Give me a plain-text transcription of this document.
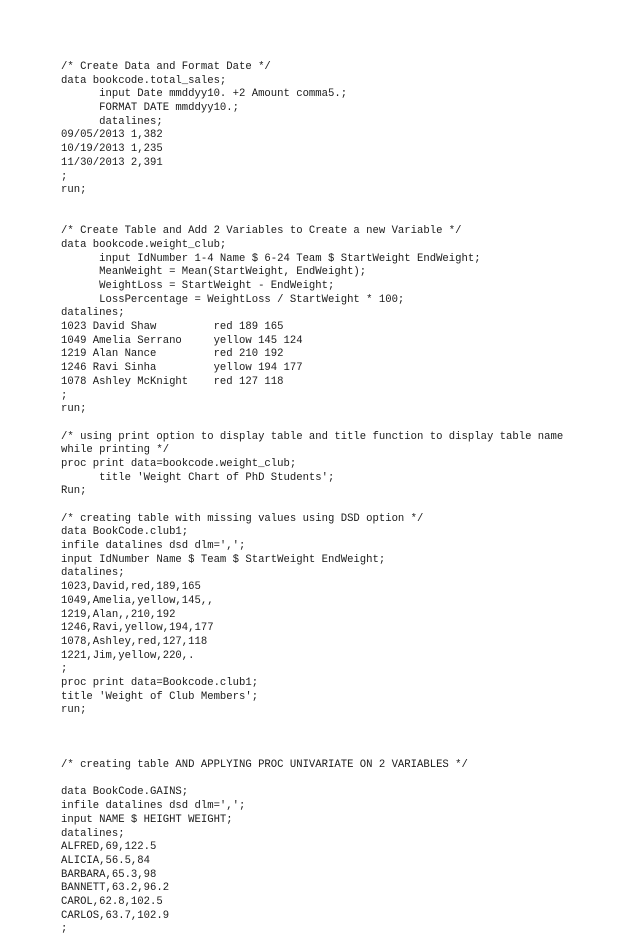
/* Create Data and Format Date */
data bookcode.total_sales;
input Date mmddyy10. +2 Amount comma5.;
FORMAT DATE mmddyy10.;
datalines;
09/05/2013 1,382
10/19/2013 1,235
11/30/2013 2,391
;
run;
/* Create Table and Add 2 Variables to Create a new Variable */
data bookcode.weight_club;
input IdNumber 1-4 Name $ 6-24 Team $ StartWeight EndWeight;
MeanWeight = Mean(StartWeight, EndWeight);
WeightLoss = StartWeight - EndWeight;
LossPercentage = WeightLoss / StartWeight * 100;
datalines;
1023 David Shaw         red 189 165
1049 Amelia Serrano     yellow 145 124
1219 Alan Nance         red 210 192
1246 Ravi Sinha         yellow 194 177
1078 Ashley McKnight    red 127 118
;
run;
/* using print option to display table and title function to display table name
while printing */
proc print data=bookcode.weight_club;
title 'Weight Chart of PhD Students';
Run;
/* creating table with missing values using DSD option */
data BookCode.club1;
infile datalines dsd dlm=',';
input IdNumber Name $ Team $ StartWeight EndWeight;
datalines;
1023,David,red,189,165
1049,Amelia,yellow,145,,
1219,Alan,,210,192
1246,Ravi,yellow,194,177
1078,Ashley,red,127,118
1221,Jim,yellow,220,.
;
proc print data=Bookcode.club1;
title 'Weight of Club Members';
run;
/* creating table AND APPLYING PROC UNIVARIATE ON 2 VARIABLES */
data BookCode.GAINS;
infile datalines dsd dlm=',';
input NAME $ HEIGHT WEIGHT;
datalines;
ALFRED,69,122.5
ALICIA,56.5,84
BARBARA,65.3,98
BANNETT,63.2,96.2
CAROL,62.8,102.5
CARLOS,63.7,102.9
;
